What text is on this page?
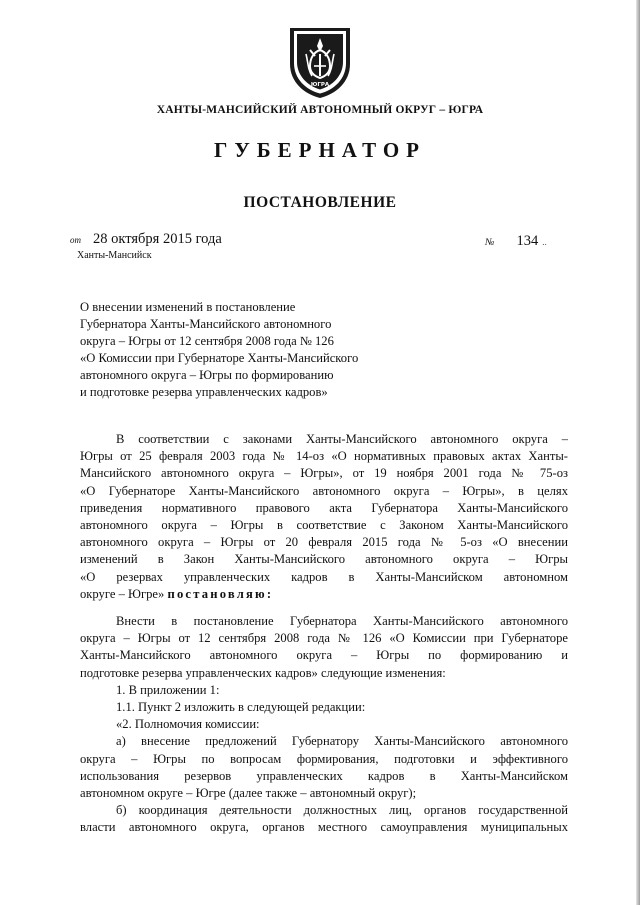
ЮГРА
ХАНТЫ-МАНСИЙСКИЙ АВТОНОМНЫЙ ОКРУГ – ЮГРА
ГУБЕРНАТОР
ПОСТАНОВЛЕНИЕ
от 28 октября 2015 года	№ 134 ..
Ханты-Мансийск
О внесении изменений в постановление
Губернатора Ханты-Мансийского автономного
округа – Югры от 12 сентября 2008 года № 126
«О Комиссии при Губернаторе Ханты-Мансийского
автономного округа – Югры по формированию
и подготовке резерва управленческих кадров»
В соответствии с законами Ханты-Мансийского автономного округа –
Югры от 25 февраля 2003 года № 14-оз «О нормативных правовых актах Ханты-
Мансийского автономного округа – Югры», от 19 ноября 2001 года № 75-оз
«О Губернаторе Ханты-Мансийского автономного округа – Югры», в целях
приведения нормативного правового акта Губернатора Ханты-Мансийского
автономного округа – Югры в соответствие с Законом Ханты-Мансийского
автономного округа – Югры от 20 февраля 2015 года № 5-оз «О внесении
изменений в Закон Ханты-Мансийского автономного округа – Югры
«О резервах управленческих кадров в Ханты-Мансийском автономном
округе – Югре» постановляю:
Внести в постановление Губернатора Ханты-Мансийского автономного
округа – Югры от 12 сентября 2008 года № 126 «О Комиссии при Губернаторе
Ханты-Мансийского автономного округа – Югры по формированию и
подготовке резерва управленческих кадров» следующие изменения:
1. В приложении 1:
1.1. Пункт 2 изложить в следующей редакции:
«2. Полномочия комиссии:
а) внесение предложений Губернатору Ханты-Мансийского автономного
округа – Югры по вопросам формирования, подготовки и эффективного
использования резервов управленческих кадров в Ханты-Мансийском
автономном округе – Югре (далее также – автономный округ);
б) координация деятельности должностных лиц, органов государственной
власти автономного округа, органов местного самоуправления муниципальных
